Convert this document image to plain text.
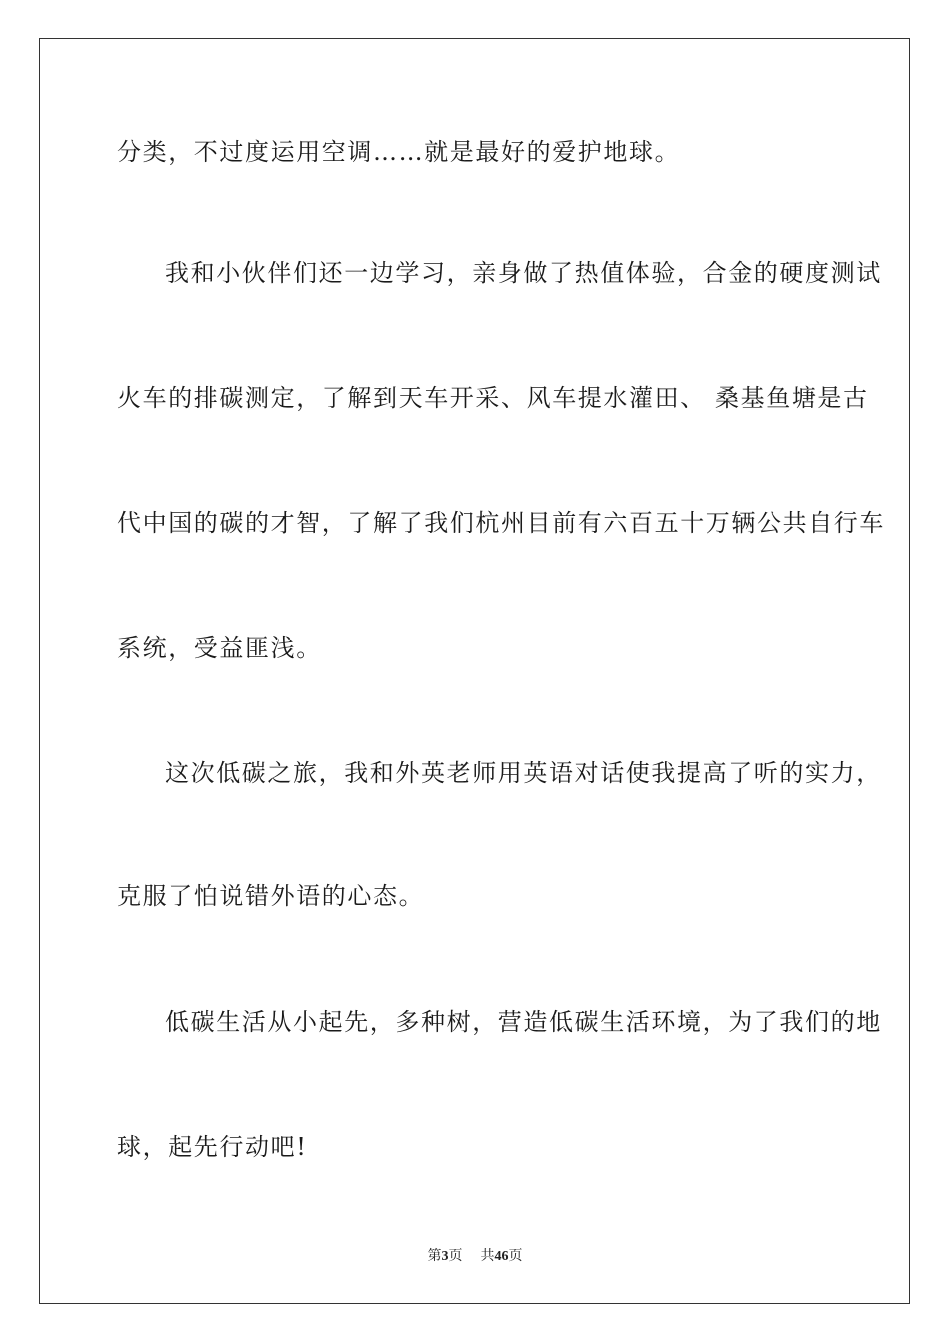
分类，不过度运用空调……就是最好的爱护地球。
我和小伙伴们还一边学习，亲身做了热值体验，合金的硬度测试
火车的排碳测定，了解到天车开采、风车提水灌田、 桑基鱼塘是古
代中国的碳的才智，了解了我们杭州目前有六百五十万辆公共自行车
系统，受益匪浅。
这次低碳之旅，我和外英老师用英语对话使我提高了听的实力，
克服了怕说错外语的心态。
低碳生活从小起先，多种树，营造低碳生活环境，为了我们的地
球，起先行动吧!
第3页 共46页
